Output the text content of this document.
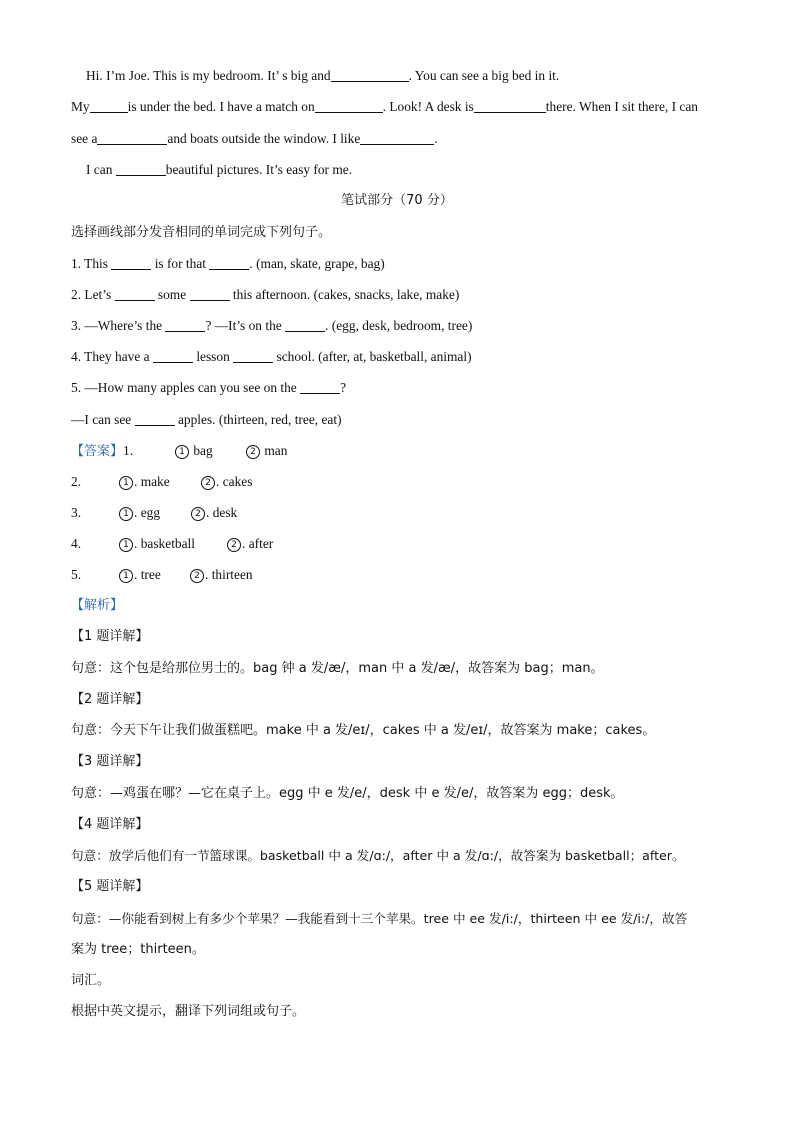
Hi. I’m Joe. This is my bedroom. It’ s big and	. You can see a big bed in it.
My	is under the bed. I have a match on	. Look! A desk is	there. When I sit there, I can
see a	and boats outside the window. I like	.
I can	beautiful pictures. It’s easy for me.
笔试部分（70 分）
选择画线部分发音相同的单词完成下列句子。
1. This	is for that	. (man, skate, grape, bag)
2. Let’s	some	this afternoon. (cakes, snacks, lake, make)
3. —Where’s the	? —It’s on the	. (egg, desk, bedroom, tree)
4. They have a	lesson	school. (after, at, basketball, animal)
5. —How many apples can you see on the	?
—I can see	apples. (thirteen, red, tree, eat)
【答案】1.	1 bag	2 man
2.	1 . make	2 . cakes
3.	1 . egg	2 . desk
4.	1 . basketball	2 . after
5.	1 . tree	2 . thirteen
【解析】
【1 题详解】
句意：这个包是给那位男士的。bag 钟 a 发/æ/，man 中 a 发/æ/，故答案为 bag；man。
【2 题详解】
句意：今天下午让我们做蛋糕吧。make 中 a 发/eɪ/，cakes 中 a 发/eɪ/，故答案为 make；cakes。
【3 题详解】
句意：—鸡蛋在哪？—它在桌子上。egg 中 e 发/e/，desk 中 e 发/e/，故答案为 egg；desk。
【4 题详解】
句意：放学后他们有一节篮球课。basketball 中 a 发/ɑ:/，after 中 a 发/ɑ:/，故答案为 basketball；after。
【5 题详解】
句意：—你能看到树上有多少个苹果？—我能看到十三个苹果。tree 中 ee 发/i:/，thirteen 中 ee 发/i:/，故答
案为 tree；thirteen。
词汇。
根据中英文提示，翻译下列词组或句子。
